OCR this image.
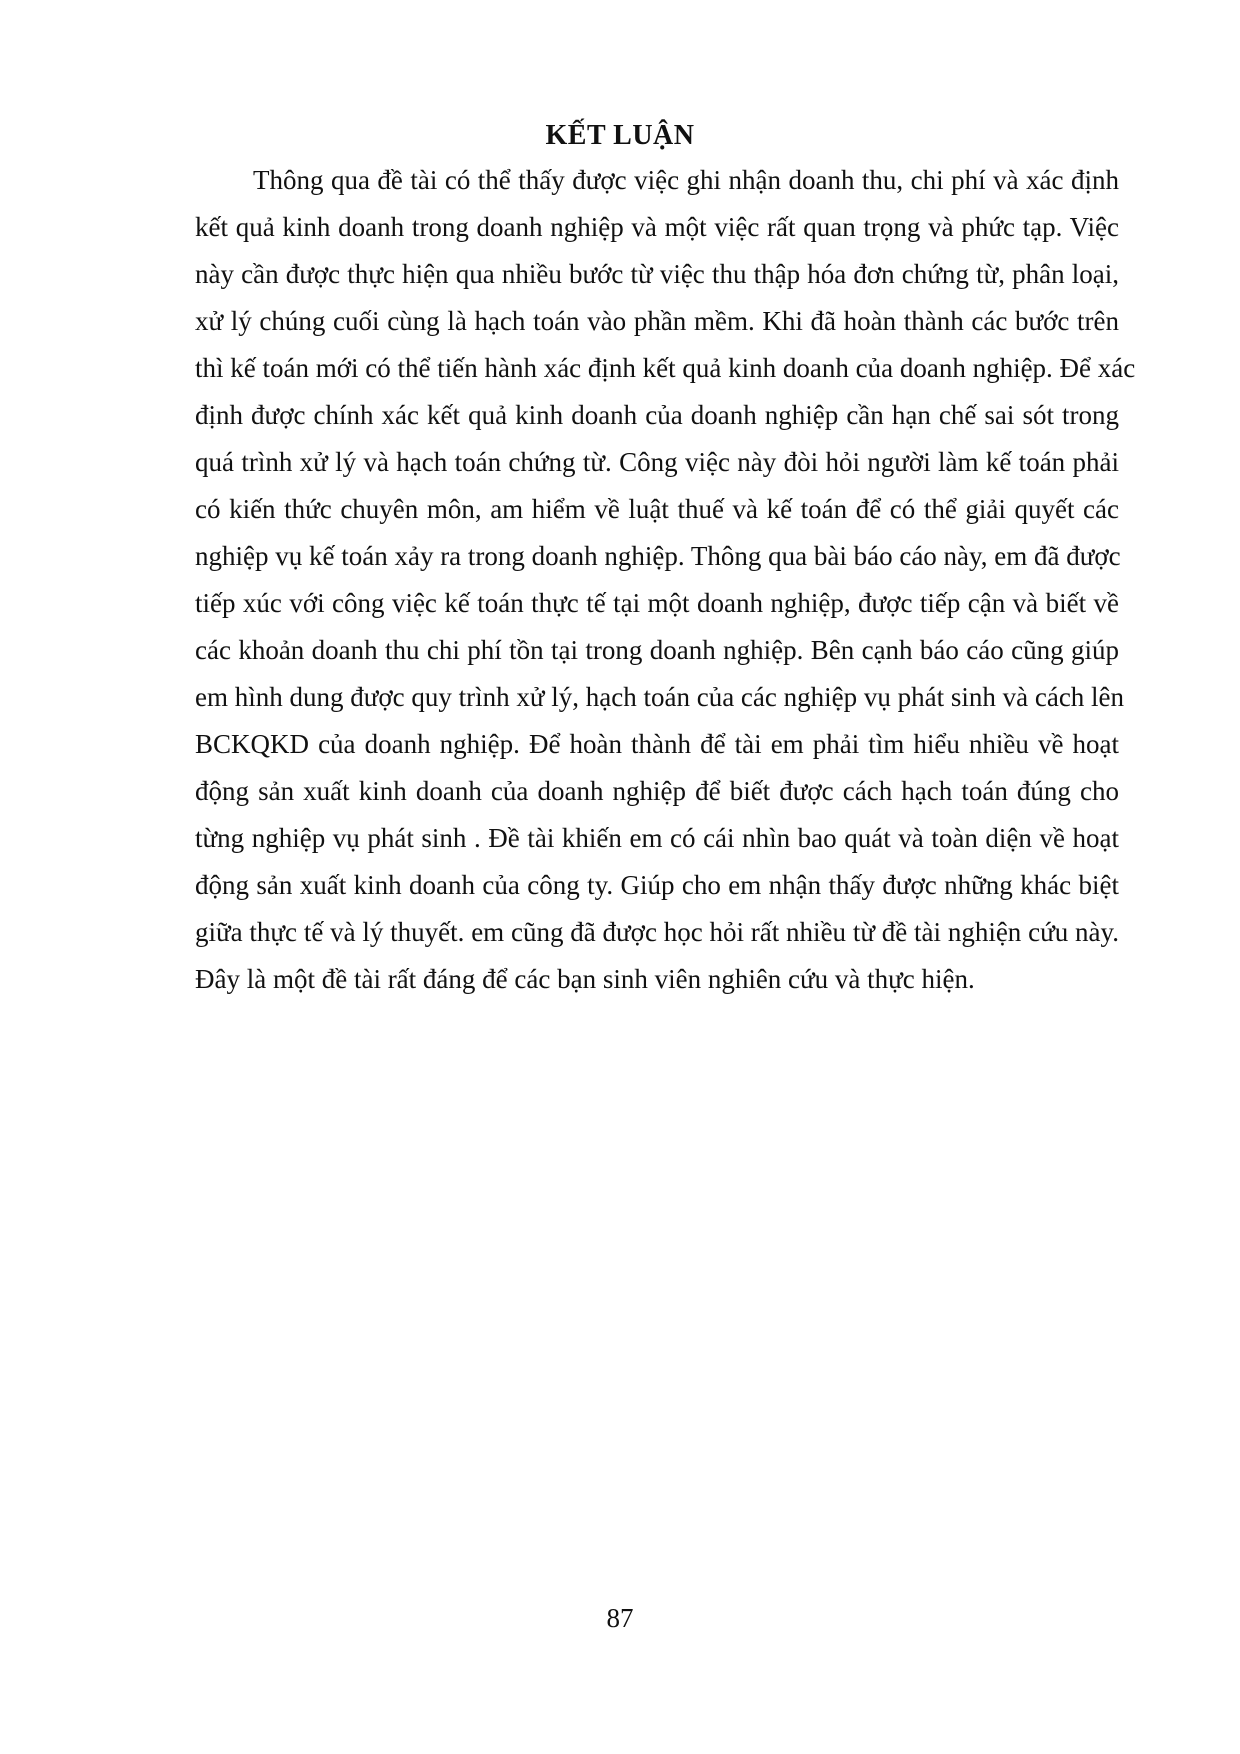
KẾT LUẬN
Thông qua đề tài có thể thấy được việc ghi nhận doanh thu, chi phí và xác định
kết quả kinh doanh trong doanh nghiệp và một việc rất quan trọng và phức tạp. Việc
này cần được thực hiện qua nhiều bước từ việc thu thập hóa đơn chứng từ, phân loại,
xử lý chúng cuối cùng là hạch toán vào phần mềm. Khi đã hoàn thành các bước trên
thì kế toán mới có thể tiến hành xác định kết quả kinh doanh của doanh nghiệp. Để xác
định được chính xác kết quả kinh doanh của doanh nghiệp cần hạn chế sai sót trong
quá trình xử lý và hạch toán chứng từ. Công việc này đòi hỏi người làm kế toán phải
có kiến thức chuyên môn, am hiểm về luật thuế và kế toán để có thể giải quyết các
nghiệp vụ kế toán xảy ra trong doanh nghiệp. Thông qua bài báo cáo này, em đã được
tiếp xúc với công việc kế toán thực tế tại một doanh nghiệp, được tiếp cận và biết về
các khoản doanh thu chi phí tồn tại trong doanh nghiệp. Bên cạnh báo cáo cũng giúp
em hình dung được quy trình xử lý, hạch toán của các nghiệp vụ phát sinh và cách lên
BCKQKD của doanh nghiệp. Để hoàn thành để tài em phải tìm hiểu nhiều về hoạt
động sản xuất kinh doanh của doanh nghiệp để biết được cách hạch toán đúng cho
từng nghiệp vụ phát sinh . Đề tài khiến em có cái nhìn bao quát và toàn diện về hoạt
động sản xuất kinh doanh của công ty. Giúp cho em nhận thấy được những khác biệt
giữa thực tế và lý thuyết. em cũng đã được học hỏi rất nhiều từ đề tài nghiện cứu này.
Đây là một đề tài rất đáng để các bạn sinh viên nghiên cứu và thực hiện.
87
